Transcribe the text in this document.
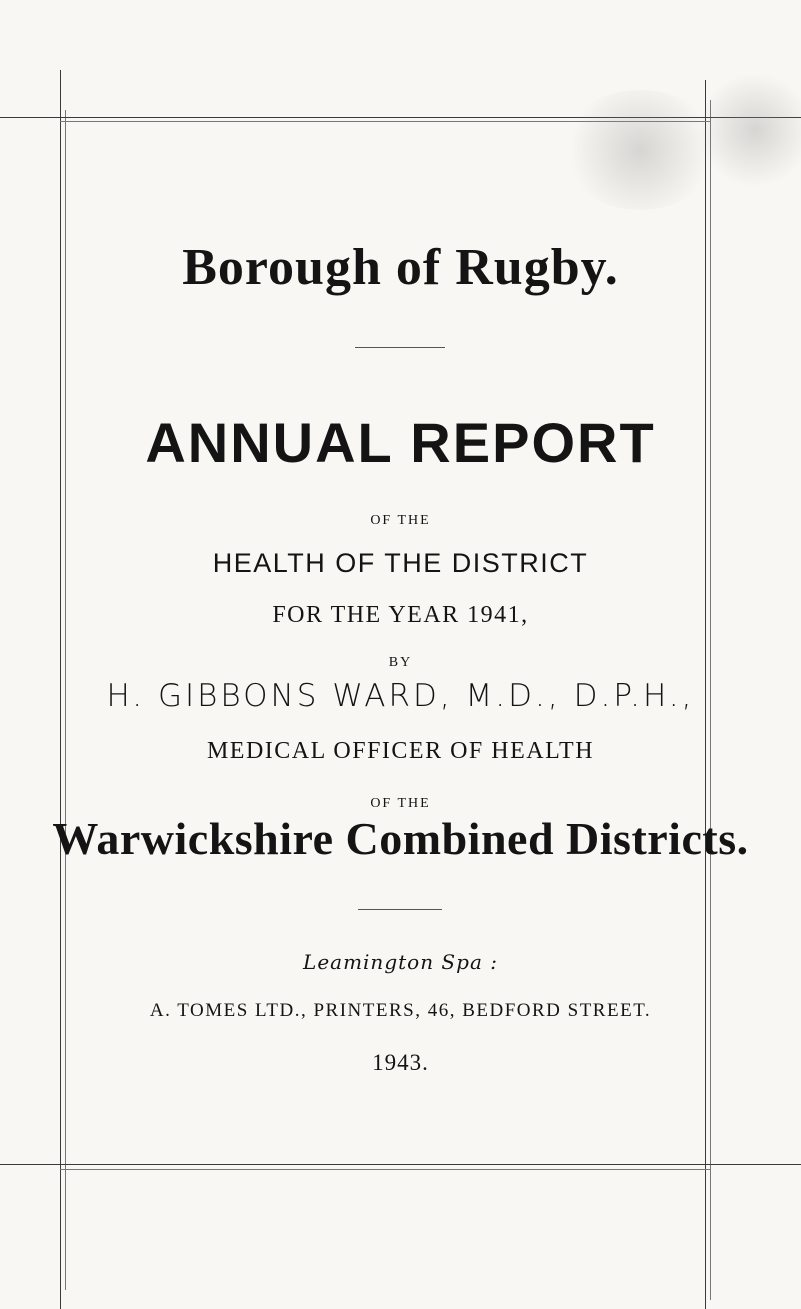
Borough of Rugby.
ANNUAL REPORT
OF THE
HEALTH OF THE DISTRICT
FOR THE YEAR 1941,
BY
H. GIBBONS WARD, M.D., D.P.H.,
MEDICAL OFFICER OF HEALTH
OF THE
Warwickshire Combined Districts.
Leamington Spa :
A. TOMES LTD., PRINTERS, 46, BEDFORD STREET.
1943.
